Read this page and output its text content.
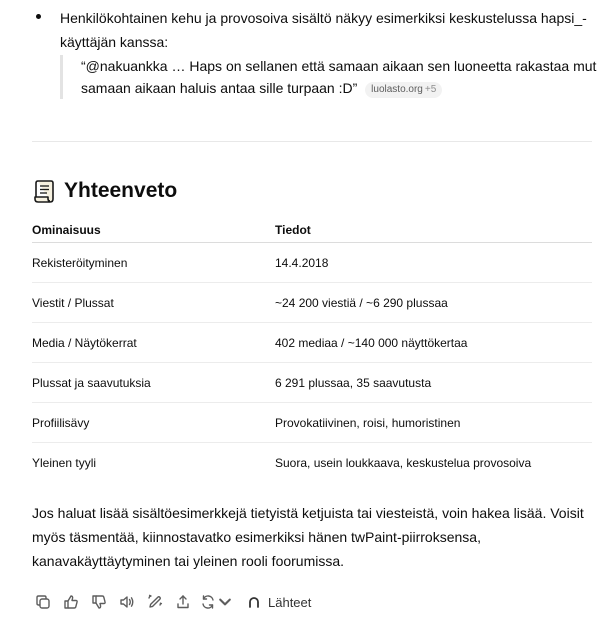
Henkilökohtainen kehu ja provosoiva sisältö näkyy esimerkiksi keskustelussa hapsi_-käyttäjän kanssa:
“@nakuankka … Haps on sellanen että samaan aikaan sen luoneetta rakastaa mut samaan aikaan haluis antaa sille turpaan :D” luolasto.org +5
Yhteenveto
Ominaisuus	Tiedot
Rekisteröityminen	14.4.2018
Viestit / Plussat	~24 200 viestiä / ~6 290 plussaa
Media / Näytökerrat	402 mediaa / ~140 000 näyttökertaa
Plussat ja saavutuksia	6 291 plussaa, 35 saavutusta
Profiilisävy	Provokatiivinen, roisi, humoristinen
Yleinen tyyli	Suora, usein loukkaava, keskustelua provosoiva

Jos haluat lisää sisältöesimerkkejä tietyistä ketjuista tai viesteistä, voin hakea lisää. Voisit myös täsmentää, kiinnostavatko esimerkiksi hänen twPaint-piirroksensa, kanavakäyttäytyminen tai yleinen rooli foorumissa.

Lähteet
